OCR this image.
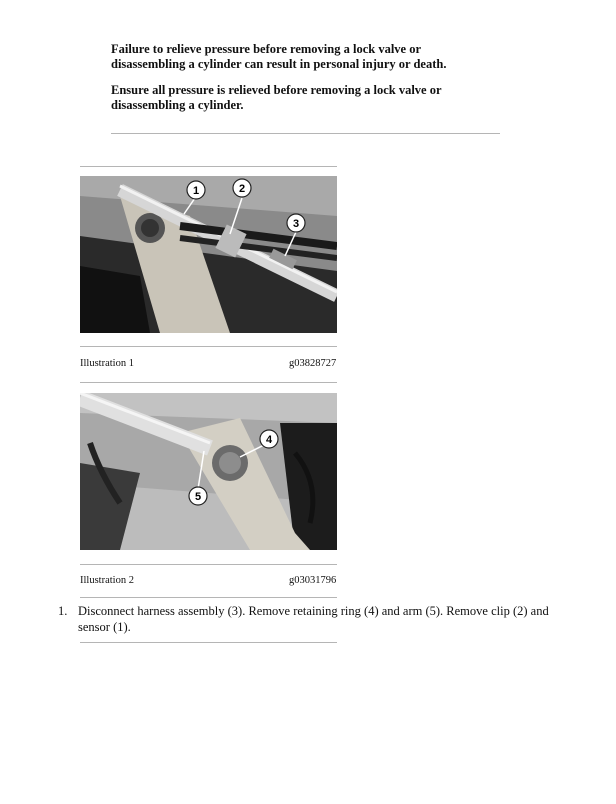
Failure to relieve pressure before removing a lock valve or
disassembling a cylinder can result in personal injury or death.
Ensure all pressure is relieved before removing a lock valve or
disassembling a cylinder.
1	2
3
Illustration 1	g03828727
4
5
Illustration 2	g03031796
1. Disconnect harness assembly (3). Remove retaining ring (4) and arm (5). Remove clip (2) and sensor (1).
